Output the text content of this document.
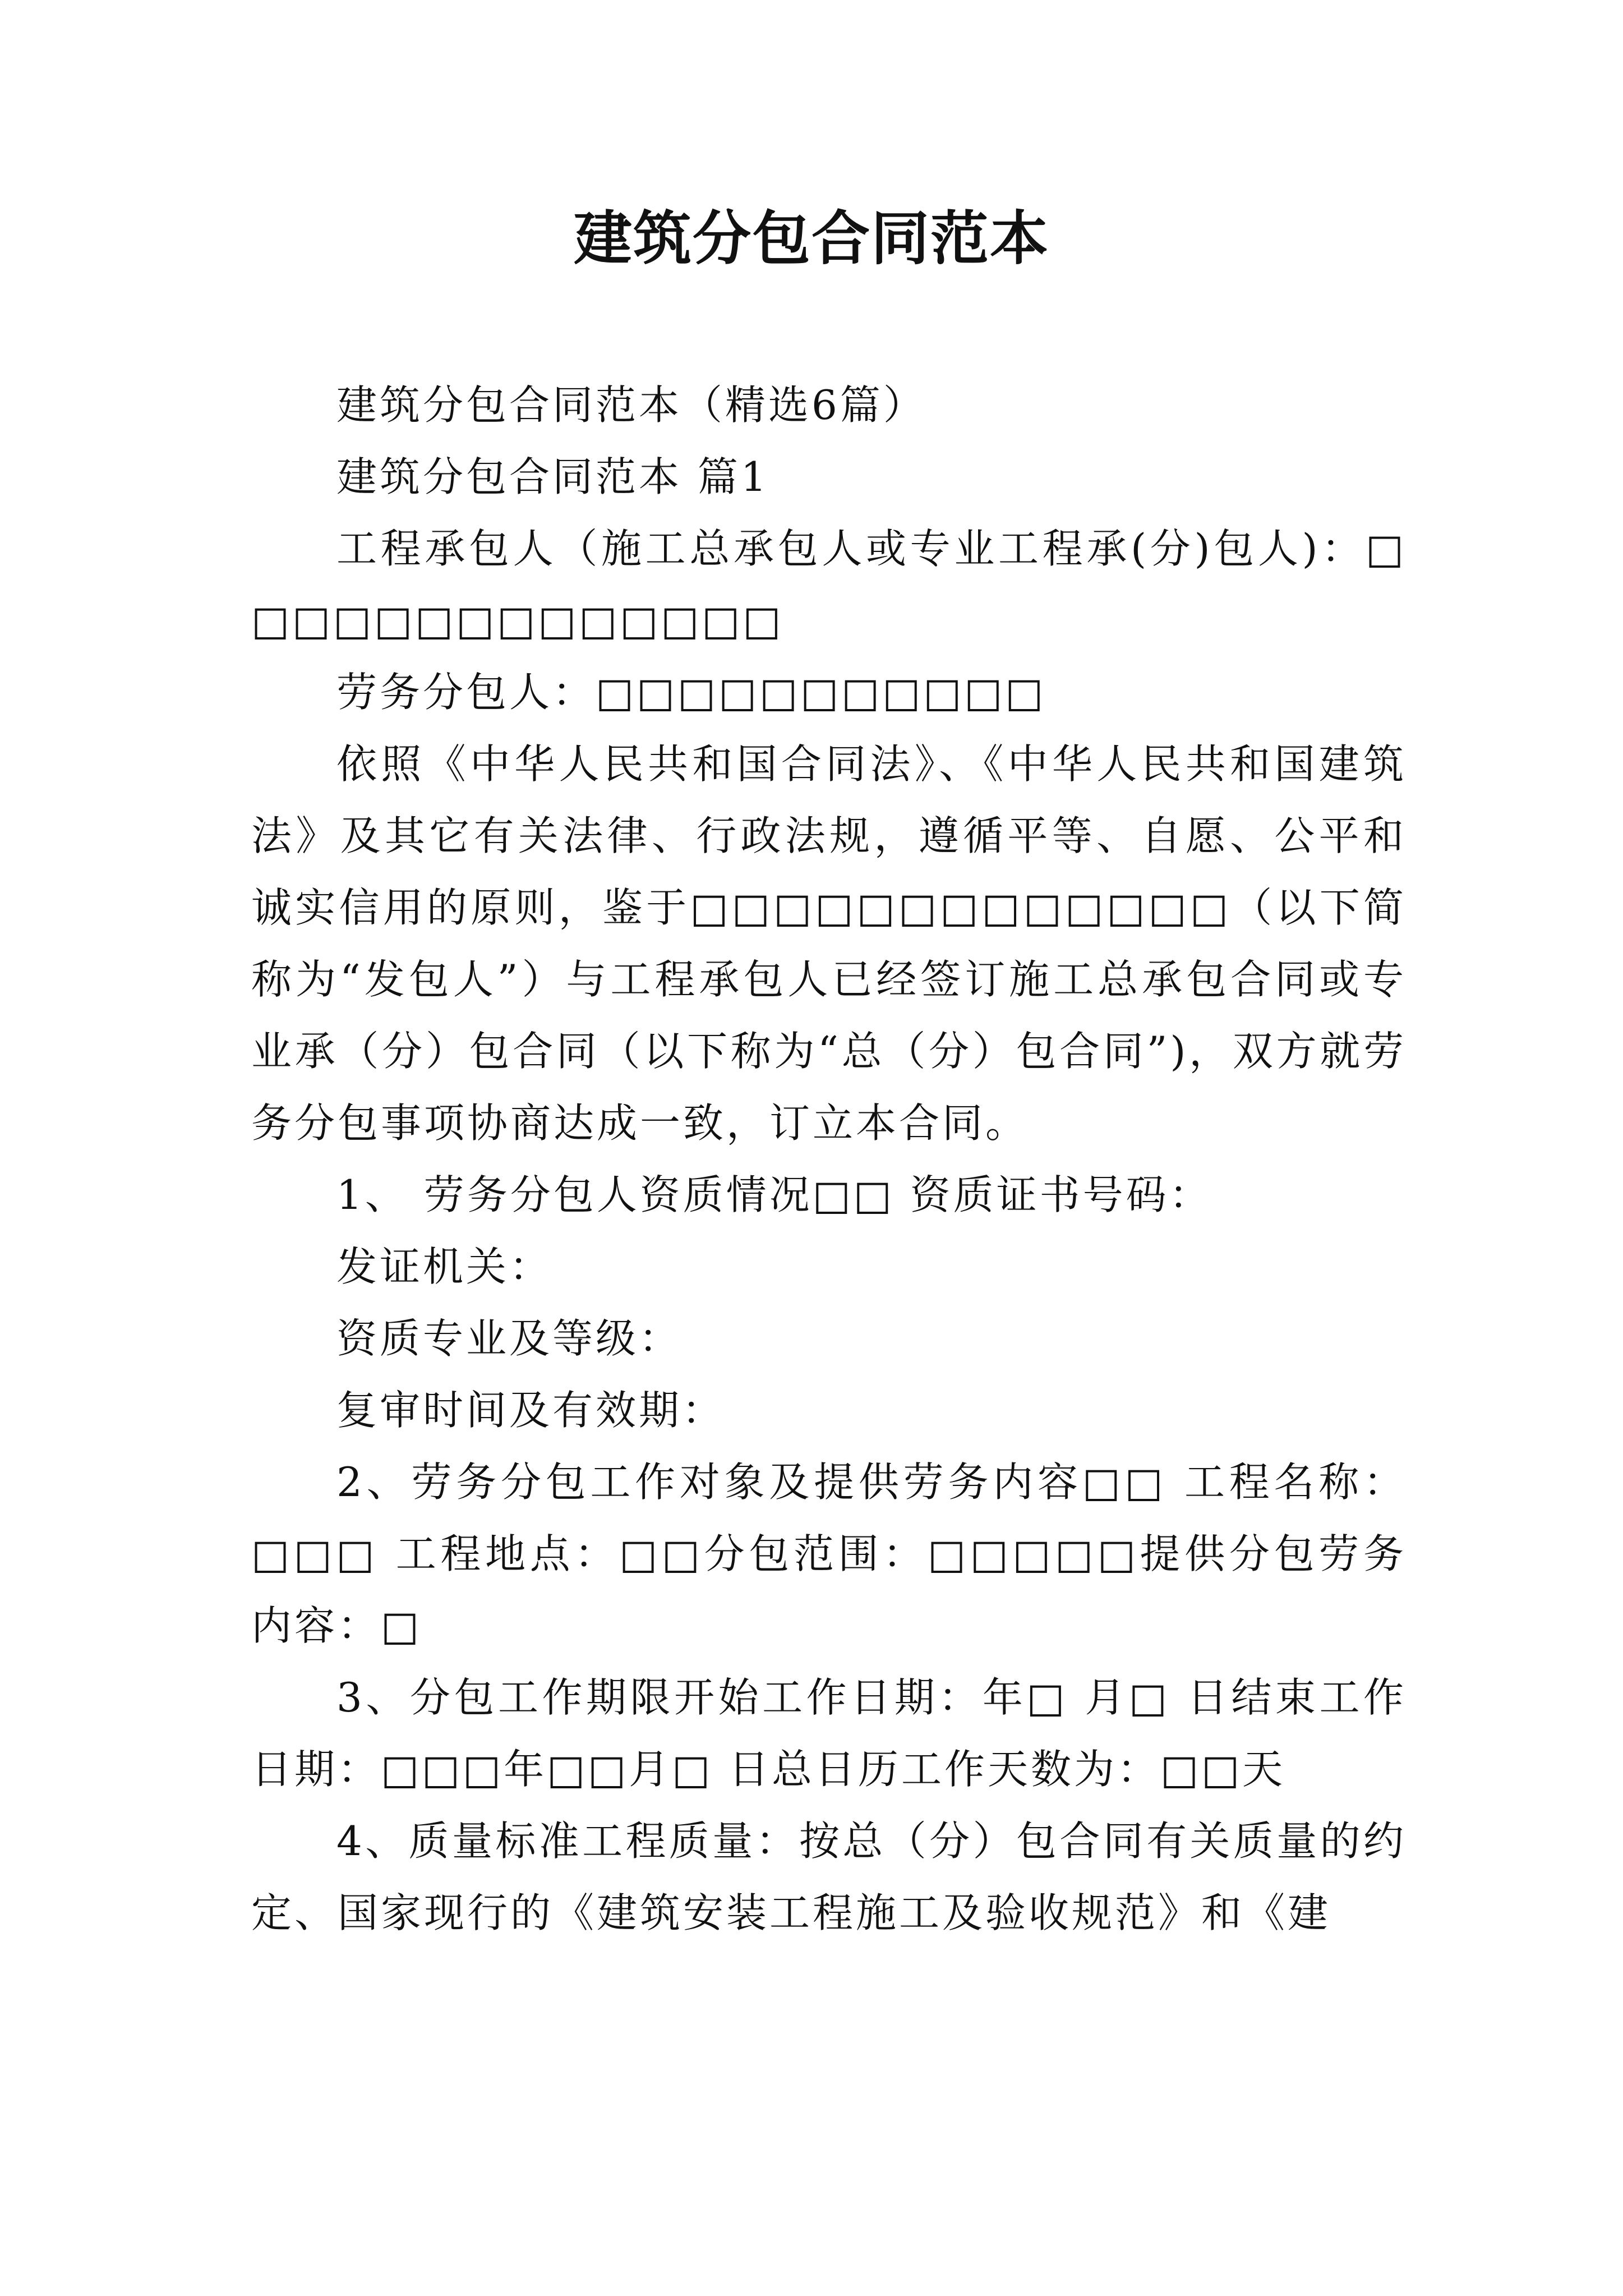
建筑分包合同范本

建筑分包合同范本（精选6篇）

建筑分包合同范本 篇1

工程承包人（施工总承包人或专业工程承(分)包人)：□□□□□□□□□□□□□□

劳务分包人：□□□□□□□□□□□

依照《中华人民共和国合同法》、《中华人民共和国建筑法》及其它有关法律、行政法规，遵循平等、自愿、公平和诚实信用的原则，鉴于□□□□□□□□□□□□□（以下简称为“发包人”）与工程承包人已经签订施工总承包合同或专业承（分）包合同（以下称为“总（分）包合同”)，双方就劳务分包事项协商达成一致，订立本合同。

1、 劳务分包人资质情况□□ 资质证书号码：

发证机关：

资质专业及等级：

复审时间及有效期：

2、劳务分包工作对象及提供劳务内容□□ 工程名称：□□□ 工程地点：□□分包范围：□□□□□提供分包劳务内容：□

3、分包工作期限开始工作日期：年□ 月□ 日结束工作日期：□□□年□□月□ 日总日历工作天数为：□□天

4、质量标准工程质量：按总（分）包合同有关质量的约定、国家现行的《建筑安装工程施工及验收规范》和《建
